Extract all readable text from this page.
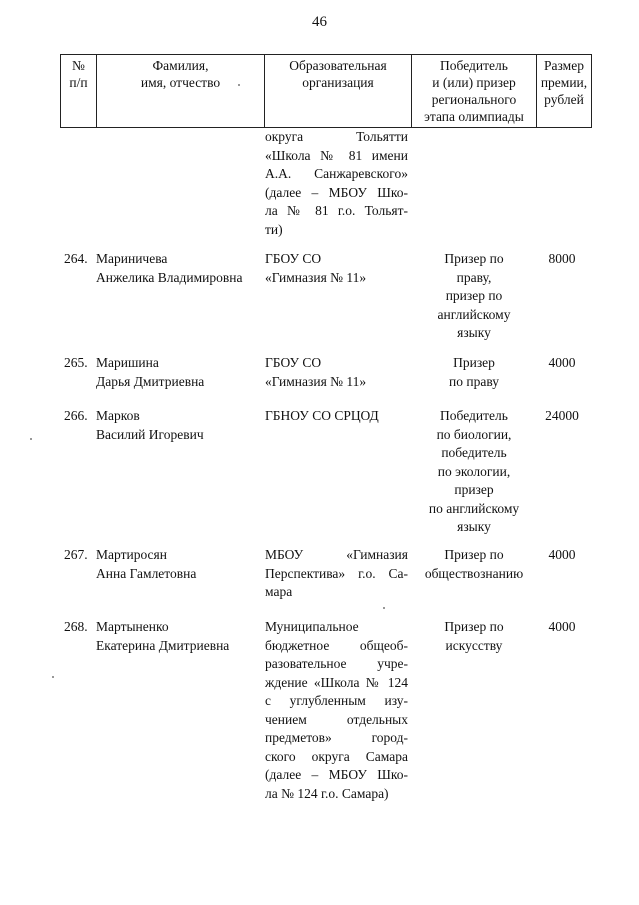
46
№
п/п
Фамилия,
имя, отчество
Образовательная
организация
Победитель
и (или) призер
регионального
этапа олимпиады
Размер
премии,
рублей
округа Тольятти
«Школа № 81 имени
А.А. Санжаревского»
(далее – МБОУ Шко-
ла № 81 г.о. Тольят-
ти)
264. Мариничева
Анжелика Владимировна
ГБОУ СО
«Гимназия № 11»
Призер по
праву,
призер по
английскому
языку
8000
265. Маришина
Дарья Дмитриевна
ГБОУ СО
«Гимназия № 11»
Призер
по праву
4000
266. Марков
Василий Игоревич
ГБНОУ СО СРЦОД	Победитель
по биологии,
победитель
по экологии,
призер
по английскому
языку
24000
267. Мартиросян
Анна Гамлетовна
МБОУ «Гимназия
Перспектива» г.о. Са-
мара
Призер по
обществознанию
4000
268. Мартыненко
Екатерина Дмитриевна
Муниципальное
бюджетное общеоб-
разовательное учре-
ждение «Школа № 124
с углубленным изу-
чением отдельных
предметов» город-
ского округа Самара
(далее – МБОУ Шко-
ла № 124 г.о. Самара)
Призер по
искусству
4000
